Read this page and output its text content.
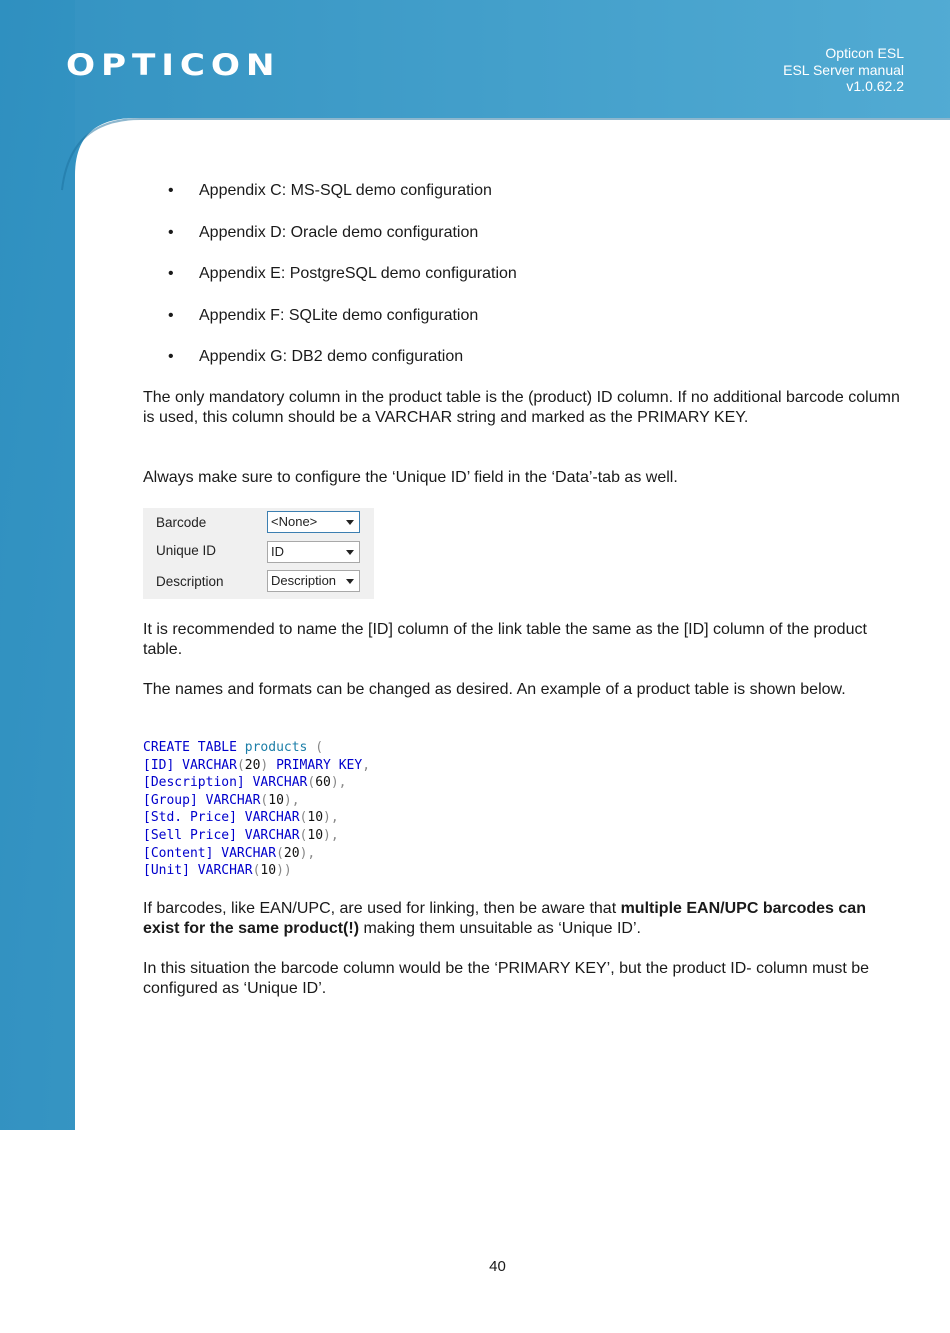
OPTICON	Opticon ESL
ESL Server manual
v1.0.62.2
• Appendix C: MS-SQL demo configuration
• Appendix D: Oracle demo configuration
• Appendix E: PostgreSQL demo configuration
• Appendix F: SQLite demo configuration
• Appendix G: DB2 demo configuration

The only mandatory column in the product table is the (product) ID column. If no additional barcode column is used, this column should be a VARCHAR string and marked as the PRIMARY KEY.

Always make sure to configure the ‘Unique ID’ field in the ‘Data’-tab as well.

Barcode	<None>
Unique ID	ID
Description	Description

It is recommended to name the [ID] column of the link table the same as the [ID] column of the product table.

The names and formats can be changed as desired. An example of a product table is shown below.

CREATE TABLE products (
[ID] VARCHAR(20) PRIMARY KEY,
[Description] VARCHAR(60),
[Group] VARCHAR(10),
[Std. Price] VARCHAR(10),
[Sell Price] VARCHAR(10),
[Content] VARCHAR(20),
[Unit] VARCHAR(10))

If barcodes, like EAN/UPC, are used for linking, then be aware that multiple EAN/UPC barcodes can exist for the same product(!) making them unsuitable as ‘Unique ID’.

In this situation the barcode column would be the ‘PRIMARY KEY’, but the product ID- column must be configured as ‘Unique ID’.

40
